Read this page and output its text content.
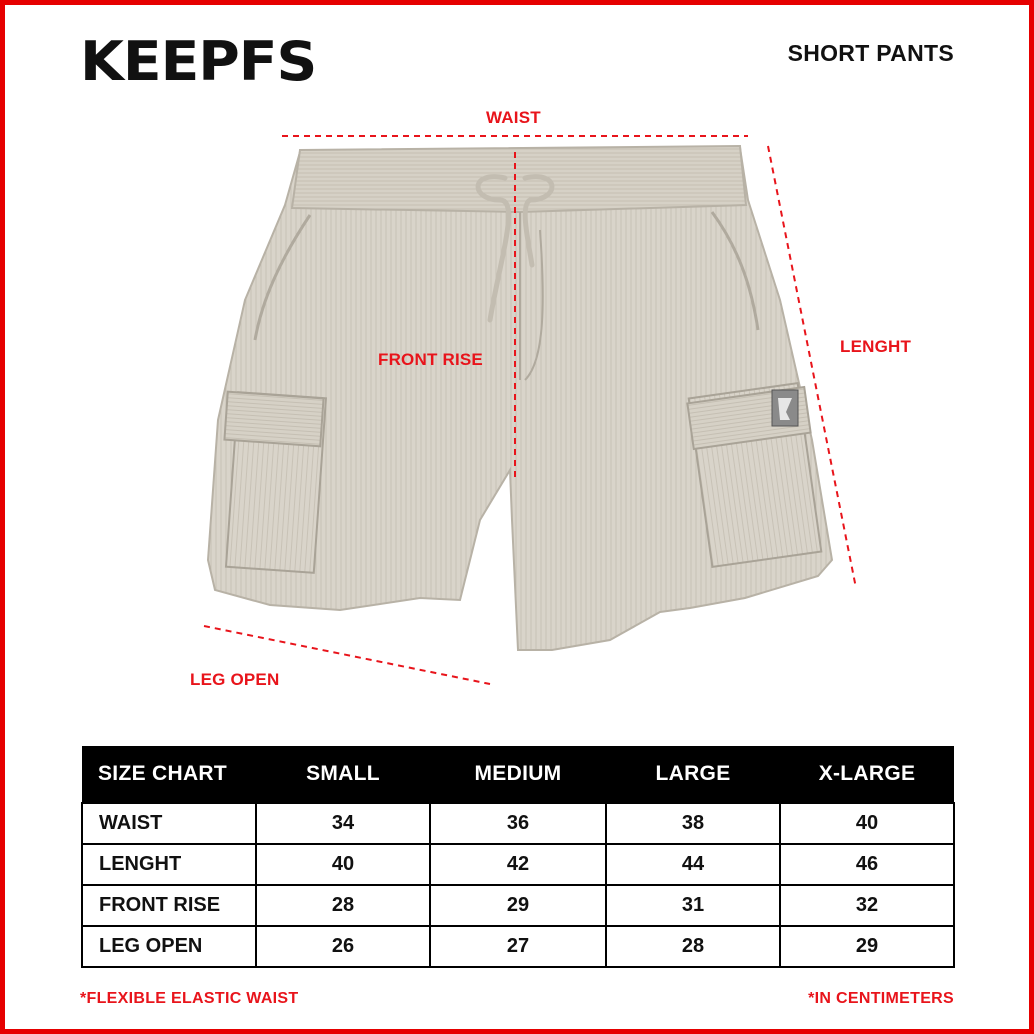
KEEPFS	SHORT PANTS
WAIST
LENGHT
FRONT RISE
LEG OPEN
SIZE CHART	SMALL	MEDIUM	LARGE	X-LARGE
WAIST	34	36	38	40
LENGHT	40	42	44	46
FRONT RISE	28	29	31	32
LEG OPEN	26	27	28	29
*FLEXIBLE ELASTIC WAIST	*IN CENTIMETERS
